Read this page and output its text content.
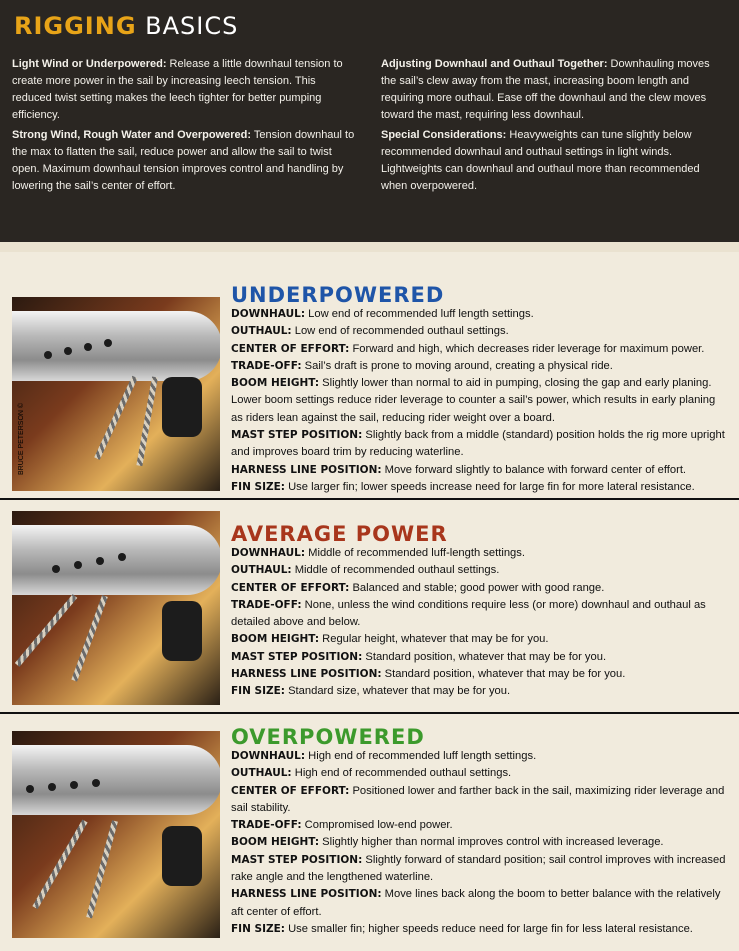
RIGGING BASICS
Light Wind or Underpowered: Release a little downhaul tension to create more power in the sail by increasing leech tension. This reduced twist setting makes the leech tighter for better pumping efficiency.
Strong Wind, Rough Water and Overpowered: Tension downhaul to the max to flatten the sail, reduce power and allow the sail to twist open. Maximum downhaul tension improves control and handling by lowering the sail’s center of effort.
Adjusting Downhaul and Outhaul Together: Downhauling moves the sail’s clew away from the mast, increasing boom length and requiring more outhaul. Ease off the downhaul and the clew moves toward the mast, requiring less downhaul.
Special Considerations: Heavyweights can tune slightly below recommended downhaul and outhaul settings in light winds. Lightweights can downhaul and outhaul more than recommended when overpowered.
BRUCE PETERSON ©
UNDERPOWERED

DOWNHAUL: Low end of recommended luff length settings.

OUTHAUL: Low end of recommended outhaul settings.

CENTER OF EFFORT: Forward and high, which decreases rider leverage for maximum power.

TRADE-OFF: Sail’s draft is prone to moving around, creating a physical ride.

BOOM HEIGHT: Slightly lower than normal to aid in pumping, closing the gap and early planing. Lower boom settings reduce rider leverage to counter a sail’s power, which results in early planing as riders lean against the sail, reducing rider weight over a board.

MAST STEP POSITION: Slightly back from a middle (standard) position holds the rig more upright and improves board trim by reducing waterline.

HARNESS LINE POSITION: Move forward slightly to balance with forward center of effort.

FIN SIZE: Use larger fin; lower speeds increase need for large fin for more lateral resistance.

AVERAGE POWER

DOWNHAUL: Middle of recommended luff-length settings.

OUTHAUL: Middle of recommended outhaul settings.

CENTER OF EFFORT: Balanced and stable; good power with good range.

TRADE-OFF: None, unless the wind conditions require less (or more) downhaul and outhaul as detailed above and below.

BOOM HEIGHT: Regular height, whatever that may be for you.

MAST STEP POSITION: Standard position, whatever that may be for you.

HARNESS LINE POSITION: Standard position, whatever that may be for you.

FIN SIZE: Standard size, whatever that may be for you.

OVERPOWERED

DOWNHAUL: High end of recommended luff length settings.

OUTHAUL: High end of recommended outhaul settings.

CENTER OF EFFORT: Positioned lower and farther back in the sail, maximizing rider leverage and sail stability.

TRADE-OFF: Compromised low-end power.

BOOM HEIGHT: Slightly higher than normal improves control with increased leverage.

MAST STEP POSITION: Slightly forward of standard position; sail control improves with increased rake angle and the lengthened waterline.

HARNESS LINE POSITION: Move lines back along the boom to better balance with the relatively aft center of effort.

FIN SIZE: Use smaller fin; higher speeds reduce need for large fin for less lateral resistance.
